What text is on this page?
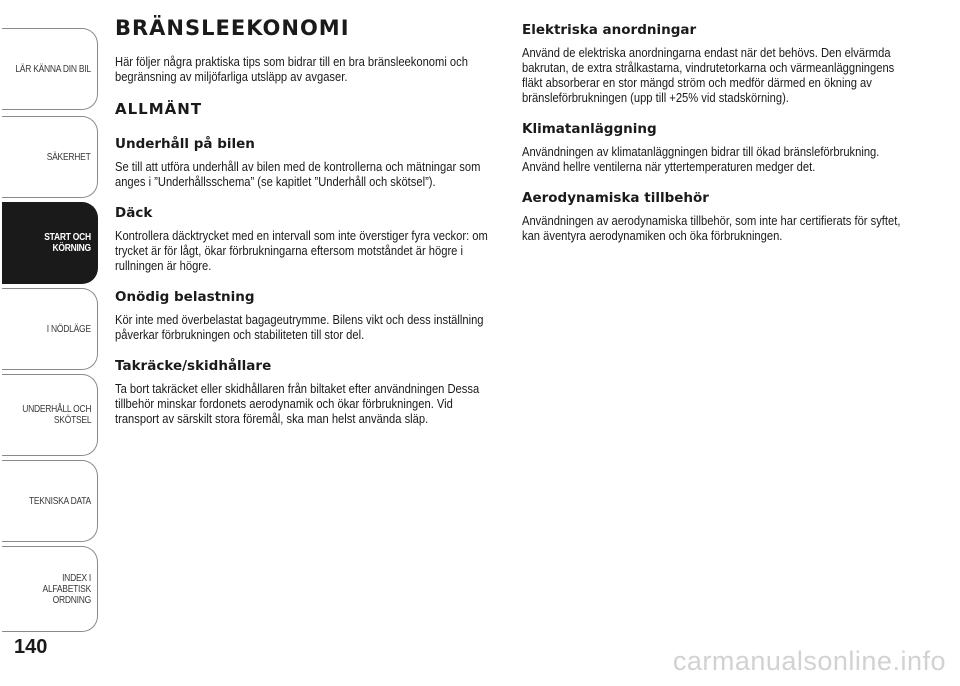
LÄR KÄNNA DIN BIL
SÄKERHET
START OCH
KÖRNING
I NÖDLÄGE
UNDERHÅLL OCH
SKÖTSEL
TEKNISKA DATA
INDEX I ALFABETISK
ORDNING
140
BRÄNSLEEKONOMI

Här följer några praktiska tips som bidrar till en bra bränsleekonomi och begränsning av miljöfarliga utsläpp av avgaser.

ALLMÄNT
Underhåll på bilen

Se till att utföra underhåll av bilen med de kontrollerna och mätningar som anges i ”Underhållsschema” (se kapitlet ”Underhåll och skötsel”).

Däck

Kontrollera däcktrycket med en intervall som inte överstiger fyra veckor: om trycket är för lågt, ökar förbrukningarna eftersom motståndet är högre i rullningen är högre.

Onödig belastning

Kör inte med överbelastat bagageutrymme. Bilens vikt och dess inställning påverkar förbrukningen och stabiliteten till stor del.

Takräcke/skidhållare

Ta bort takräcket eller skidhållaren från biltaket efter användningen Dessa tillbehör minskar fordonets aerodynamik och ökar förbrukningen. Vid transport av särskilt stora föremål, ska man helst använda släp.

Elektriska anordningar

Använd de elektriska anordningarna endast när det behövs. Den elvärmda bakrutan, de extra strålkastarna, vindrutetorkarna och värmeanläggningens fläkt absorberar en stor mängd ström och medför därmed en ökning av bränsleförbrukningen (upp till +25% vid stadskörning).

Klimatanläggning

Användningen av klimatanläggningen bidrar till ökad bränsleförbrukning. Använd hellre ventilerna när yttertemperaturen medger det.

Aerodynamiska tillbehör

Användningen av aerodynamiska tillbehör, som inte har certifierats för syftet, kan äventyra aerodynamiken och öka förbrukningen.

carmanualsonline.info
